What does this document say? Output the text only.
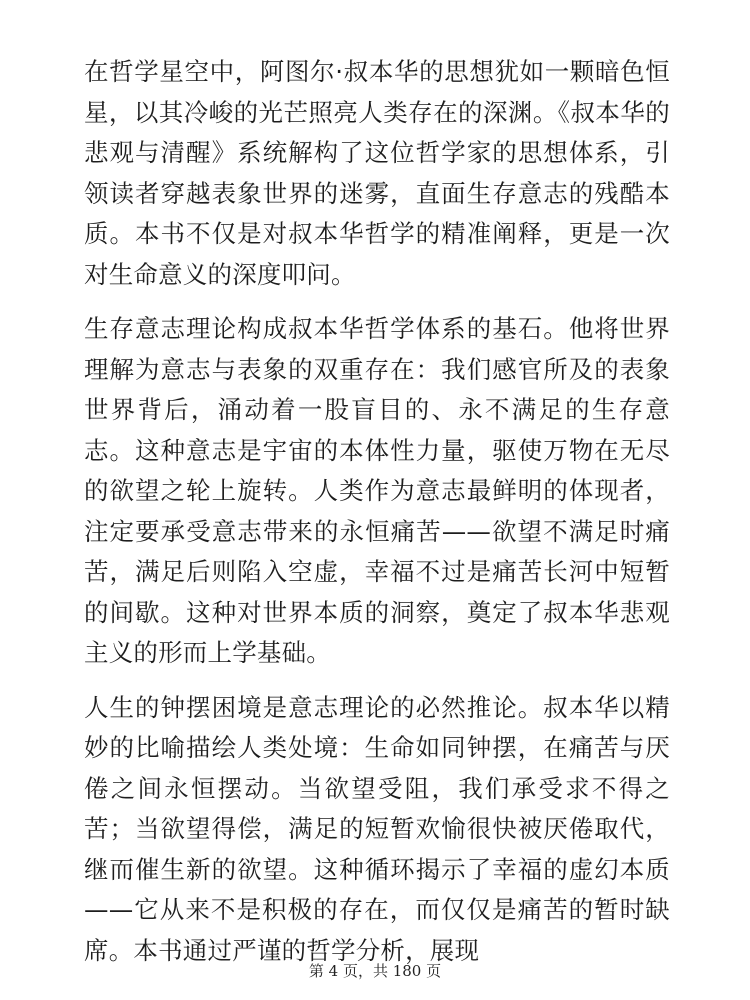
在哲学星空中，阿图尔·叔本华的思想犹如一颗暗色恒星，以其冷峻的光芒照亮人类存在的深渊。《叔本华的悲观与清醒》系统解构了这位哲学家的思想体系，引领读者穿越表象世界的迷雾，直面生存意志的残酷本质。本书不仅是对叔本华哲学的精准阐释，更是一次对生命意义的深度叩问。

生存意志理论构成叔本华哲学体系的基石。他将世界理解为意志与表象的双重存在：我们感官所及的表象世界背后，涌动着一股盲目的、永不满足的生存意志。这种意志是宇宙的本体性力量，驱使万物在无尽的欲望之轮上旋转。人类作为意志最鲜明的体现者，注定要承受意志带来的永恒痛苦——欲望不满足时痛苦，满足后则陷入空虚，幸福不过是痛苦长河中短暂的间歇。这种对世界本质的洞察，奠定了叔本华悲观主义的形而上学基础。

人生的钟摆困境是意志理论的必然推论。叔本华以精妙的比喻描绘人类处境：生命如同钟摆，在痛苦与厌倦之间永恒摆动。当欲望受阻，我们承受求不得之苦；当欲望得偿，满足的短暂欢愉很快被厌倦取代，继而催生新的欲望。这种循环揭示了幸福的虚幻本质——它从来不是积极的存在，而仅仅是痛苦的暂时缺席。本书通过严谨的哲学分析，展现

第 4 页，共 180 页
